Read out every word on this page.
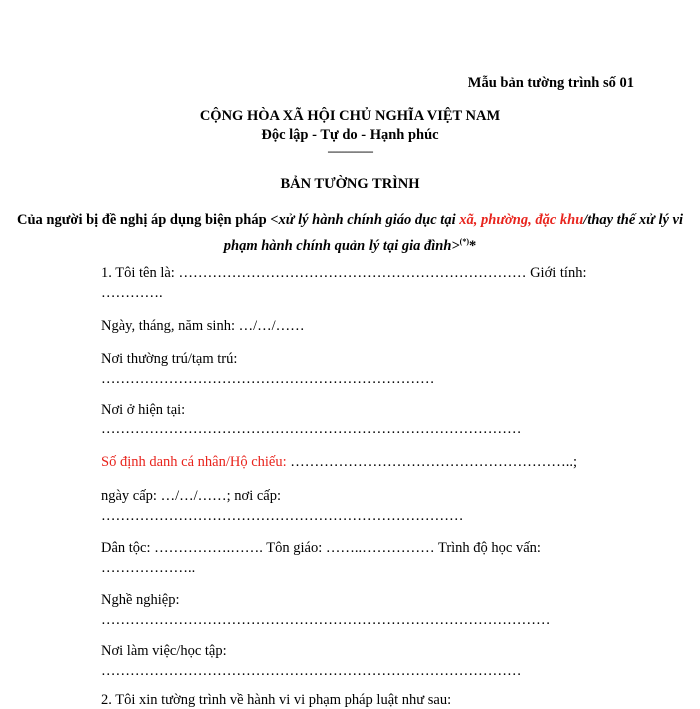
Mẫu bản tường trình số 01
CỘNG HÒA XÃ HỘI CHỦ NGHĨA VIỆT NAM
Độc lập - Tự do - Hạnh phúc
---------------
BẢN TƯỜNG TRÌNH
Của người bị đề nghị áp dụng biện pháp <xử lý hành chính giáo dục tại xã, phường, đặc khu/thay thế xử lý vi phạm hành chính quản lý tại gia đình>(*)*
1. Tôi tên là: ……………………………………………………………… Giới tính:
………….
Ngày, tháng, năm sinh: …/…/……
Nơi thường trú/tạm trú:
……………………………………………………………
Nơi ở hiện tại:
……………………………………………………………………………
Số định danh cá nhân/Hộ chiếu: …………………………………………………..;
ngày cấp: …/…/……; nơi cấp:
…………………………………………………………………
Dân tộc: …………….……. Tôn giáo: ……..…………… Trình độ học vấn:
………………..
Nghề nghiệp:
…………………………………………………………………………………
Nơi làm việc/học tập:
……………………………………………………………………………
2. Tôi xin tường trình về hành vi vi phạm pháp luật như sau:
